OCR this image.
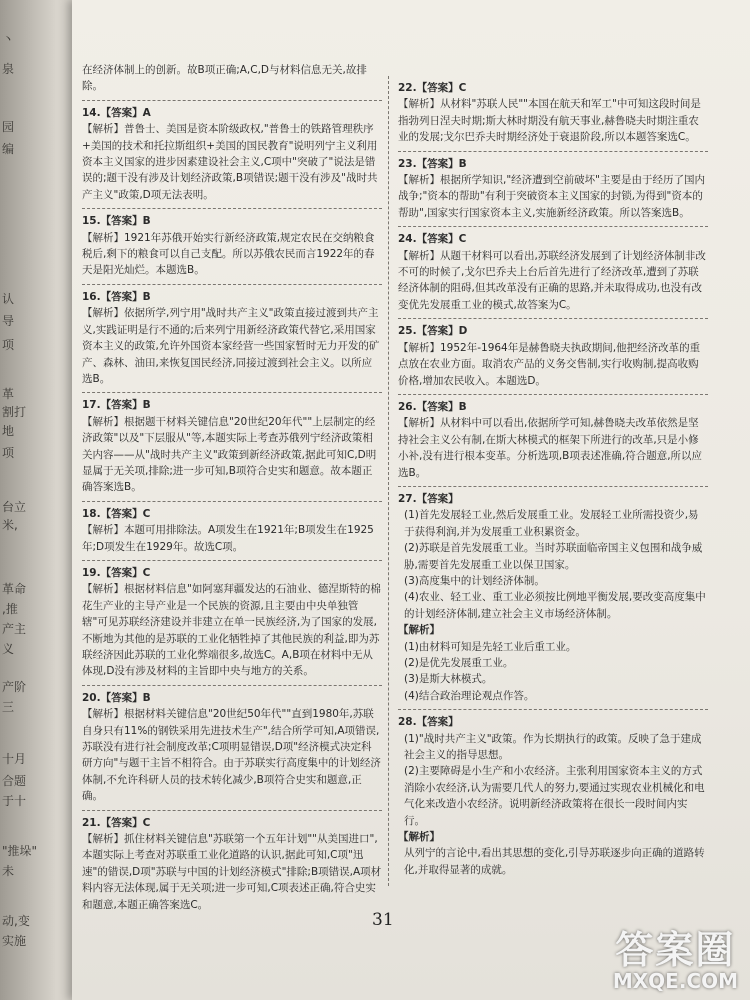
丶
泉
园
编
认
导
项
革
割打
地
项
台立
米,
革命
,推
产主
义
产阶
三
十月
合题
于十
"推垛"
未
动,变
实施
在经济体制上的创新。故B项正确;A,C,D与材料信息无关,故排除。
14.【答案】A
【解析】普鲁士、美国是资本阶级政权,"普鲁士的铁路管理秩序+美国的技术和托拉斯组织+美国的国民教育"说明列宁主义利用资本主义国家的进步因素建设社会主义,C项中"突破了"说法是错误的;题干没有涉及计划经济政策,B项错误;题干没有涉及"战时共产主义"政策,D项无法表明。
15.【答案】B
【解析】1921年苏俄开始实行新经济政策,规定农民在交纳粮食税后,剩下的粮食可以自己支配。所以苏俄农民而言1922年的春天是阳光灿烂。本题选B。
16.【答案】B
【解析】依据所学,列宁用"战时共产主义"政策直接过渡到共产主义,实践证明是行不通的;后来列宁用新经济政策代替它,采用国家资本主义的政策,允许外国资本家经营一些国家暂时无力开发的矿产、森林、油田,来恢复国民经济,同接过渡到社会主义。以所应选B。
17.【答案】B
【解析】根据题干材料关键信息"20世纪20年代""上层制定的经济政策"以及"下层服从"等,本题实际上考查苏俄列宁经济政策相关内容——从"战时共产主义"政策到新经济政策,据此可知C,D明显属于无关项,排除;进一步可知,B项符合史实和题意。故本题正确答案选B。
18.【答案】C
【解析】本题可用排除法。A项发生在1921年;B项发生在1925年;D项发生在1929年。故选C项。
19.【答案】C
【解析】根据材料信息"如阿塞拜疆发达的石油业、德涅斯特的棉花生产业的主导产业是一个民族的资源,且主要由中央单独管辖"可见苏联经济建设并非建立在单一民族经济,为了国家的发展,不断地为其他的是苏联的工业化牺牲掉了其他民族的利益,即为苏联经济因此苏联的工业化弊端很多,故选C。A,B项在材料中无从体现,D没有涉及材料的主旨即中央与地方的关系。
20.【答案】B
【解析】根据材料关键信息"20世纪50年代""直到1980年,苏联自身只有11%的钢铁采用先进技术生产",结合所学可知,A项错误,苏联没有进行社会制度改革;C项明显错误,D项"经济模式决定科研方向"与题干主旨不相符合。由于苏联实行高度集中的计划经济体制,不允许科研人员的技术转化减少,B项符合史实和题意,正确。
21.【答案】C
【解析】抓住材料关键信息"苏联第一个五年计划""从美国进口",本题实际上考查对苏联重工业化道路的认识,据此可知,C项"迅速"的错误,D项"苏联与中国的计划经济模式"排除;B项错误,A项材料内容无法体现,属于无关项;进一步可知,C项表述正确,符合史实和题意,本题正确答案选C。
22.【答案】C
【解析】从材料"苏联人民""本国在航天和军工"中可知这段时间是指勃列日涅夫时期;斯大林时期没有航天事业,赫鲁晓夫时期注重农业的发展;戈尔巴乔夫时期经济处于衰退阶段,所以本题答案选C。
23.【答案】B
【解析】根据所学知识,"经济遭到空前破坏"主要是由于经历了国内战争;"资本的帮助"有利于突破资本主义国家的封锁,为得到"资本的帮助",国家实行国家资本主义,实施新经济政策。所以答案选B。
24.【答案】C
【解析】从题干材料可以看出,苏联经济发展到了计划经济体制非改不可的时候了,戈尔巴乔夫上台后首先进行了经济改革,遭到了苏联经济体制的阻碍,但其改革没有正确的思路,并未取得成功,也没有改变优先发展重工业的模式,故答案为C。
25.【答案】D
【解析】1952年-1964年是赫鲁晓夫执政期间,他把经济改革的重点放在农业方面。取消农产品的义务交售制,实行收购制,提高收购价格,增加农民收入。本题选D。
26.【答案】B
【解析】从材料中可以看出,依据所学可知,赫鲁晓夫改革依然是坚持社会主义公有制,在斯大林模式的框架下所进行的改革,只是小修小补,没有进行根本变革。分析选项,B项表述准确,符合题意,所以应选B。
27.【答案】
(1)首先发展轻工业,然后发展重工业。发展轻工业所需投资少,易于获得利润,并为发展重工业积累资金。
(2)苏联是首先发展重工业。当时苏联面临帝国主义包围和战争威胁,需要首先发展重工业以保卫国家。
(3)高度集中的计划经济体制。
(4)农业、轻工业、重工业必须按比例地平衡发展,要改变高度集中的计划经济体制,建立社会主义市场经济体制。
【解析】
(1)由材料可知是先轻工业后重工业。
(2)是优先发展重工业。
(3)是斯大林模式。
(4)结合政治理论观点作答。
28.【答案】
(1)"战时共产主义"政策。作为长期执行的政策。反映了急于建成社会主义的指导思想。
(2)主要障碍是小生产和小农经济。主张利用国家资本主义的方式消除小农经济,认为需要几代人的努力,要通过实现农业机械化和电气化来改造小农经济。说明新经济政策将在很长一段时间内实行。
【解析】
从列宁的言论中,看出其思想的变化,引导苏联逐步向正确的道路转化,并取得显著的成就。
31
答案圈
MXQE.COM
